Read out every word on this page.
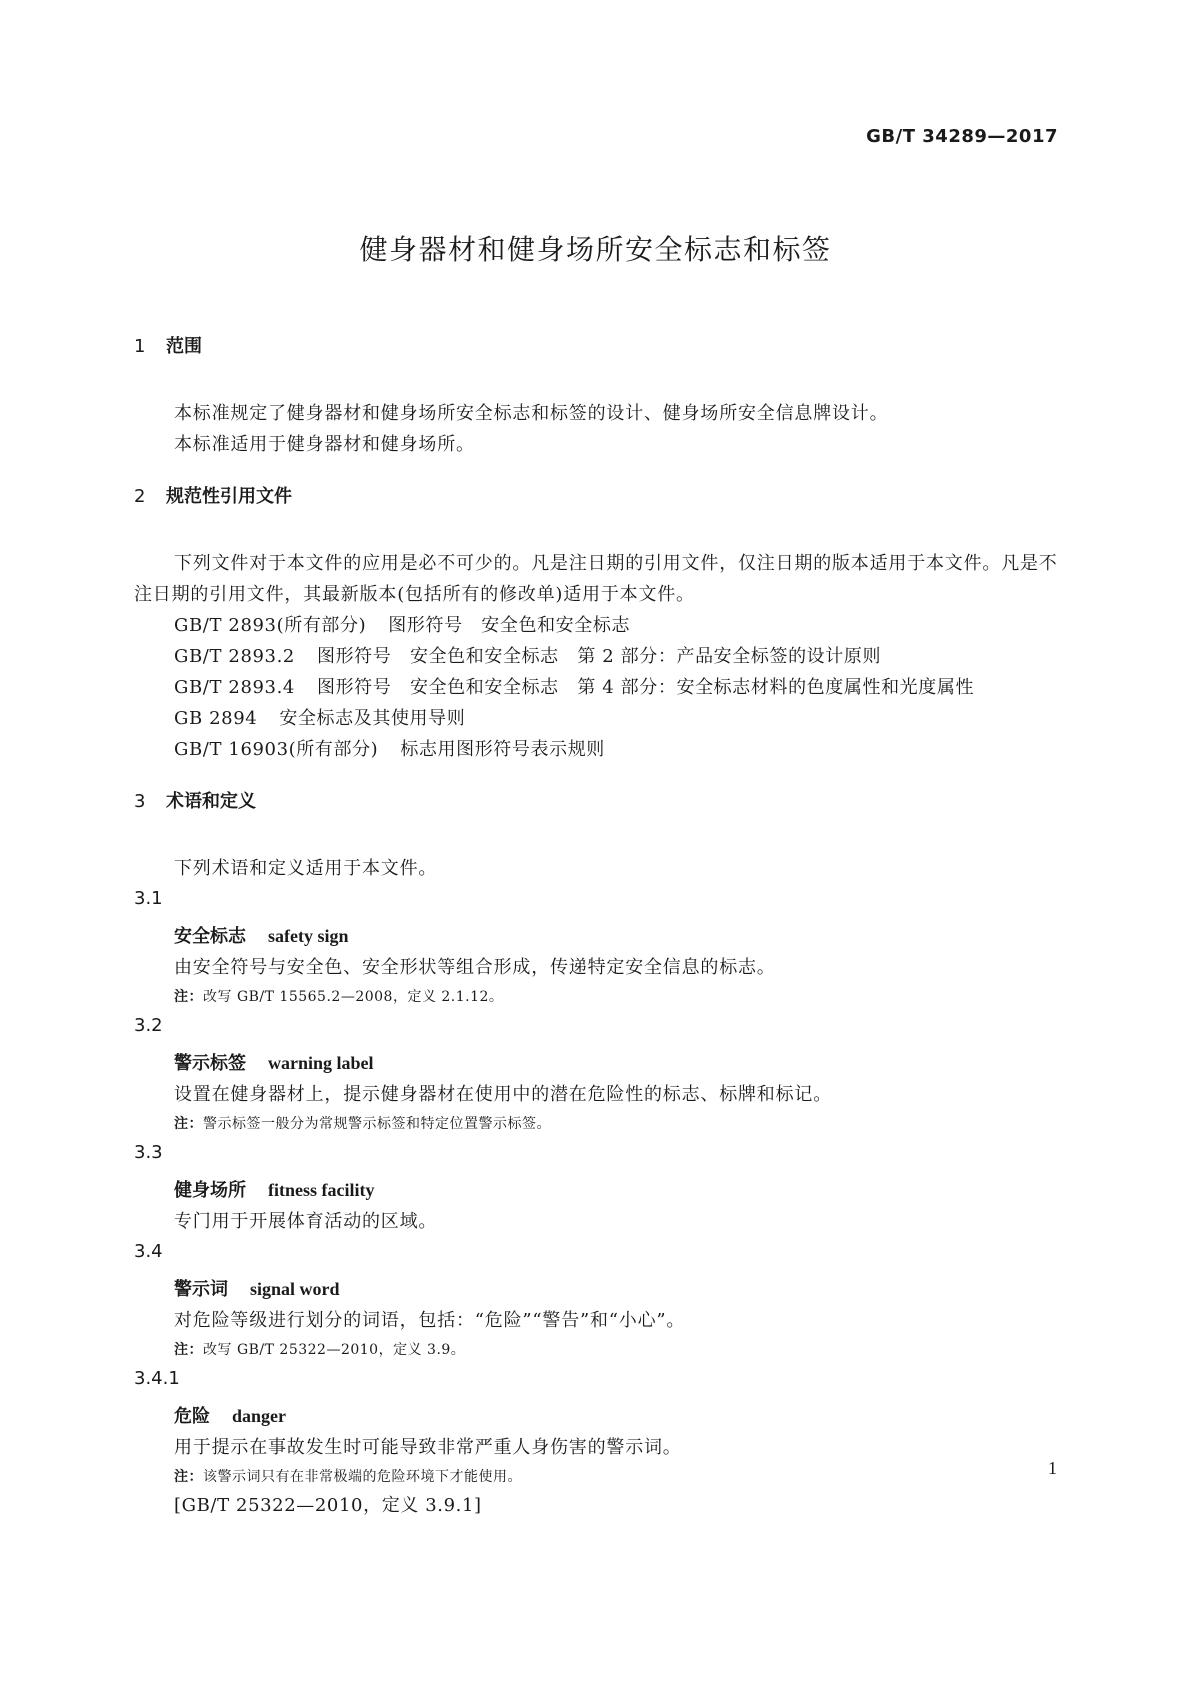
GB/T 34289—2017
健身器材和健身场所安全标志和标签

1 范围

本标准规定了健身器材和健身场所安全标志和标签的设计、健身场所安全信息牌设计。

本标准适用于健身器材和健身场所。

2 规范性引用文件

下列文件对于本文件的应用是必不可少的。凡是注日期的引用文件，仅注日期的版本适用于本文件。凡是不注日期的引用文件，其最新版本(包括所有的修改单)适用于本文件。

GB/T 2893(所有部分) 图形符号　安全色和安全标志

GB/T 2893.2 图形符号　安全色和安全标志　第 2 部分：产品安全标签的设计原则

GB/T 2893.4 图形符号　安全色和安全标志　第 4 部分：安全标志材料的色度属性和光度属性

GB 2894 安全标志及其使用导则

GB/T 16903(所有部分) 标志用图形符号表示规则

3 术语和定义

下列术语和定义适用于本文件。

3.1

安全标志 safety sign

由安全符号与安全色、安全形状等组合形成，传递特定安全信息的标志。

注：改写 GB/T 15565.2—2008，定义 2.1.12。

3.2

警示标签 warning label

设置在健身器材上，提示健身器材在使用中的潜在危险性的标志、标牌和标记。

注：警示标签一般分为常规警示标签和特定位置警示标签。

3.3

健身场所 fitness facility

专门用于开展体育活动的区域。

3.4

警示词 signal word

对危险等级进行划分的词语，包括：“危险”“警告”和“小心”。

注：改写 GB/T 25322—2010，定义 3.9。

3.4.1

危险 danger

用于提示在事故发生时可能导致非常严重人身伤害的警示词。

注：该警示词只有在非常极端的危险环境下才能使用。

[GB/T 25322—2010，定义 3.9.1]

1
